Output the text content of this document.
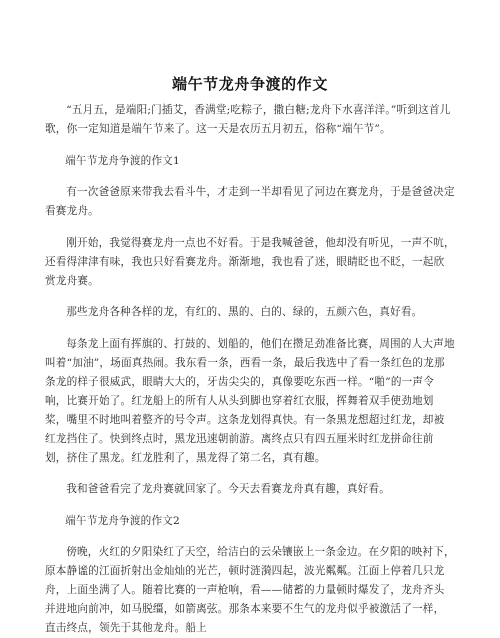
端午节龙舟争渡的作文

“五月五，是端阳;门插艾，香满堂;吃粽子，撒白糖;龙舟下水喜洋洋。”听到这首儿歌，你一定知道是端午节来了。这一天是农历五月初五，俗称“端午节”。

端午节龙舟争渡的作文1

有一次爸爸原来带我去看斗牛，才走到一半却看见了河边在赛龙舟，于是爸爸决定看赛龙舟。

刚开始，我觉得赛龙舟一点也不好看。于是我喊爸爸，他却没有听见，一声不吭，还看得津津有味，我也只好看赛龙舟。渐渐地，我也看了迷，眼睛眨也不眨，一起欣赏龙舟赛。

那些龙舟各种各样的龙，有红的、黑的、白的、绿的，五颜六色，真好看。

每条龙上面有挥旗的、打鼓的、划船的，他们在攒足劲准备比赛，周围的人大声地叫着“加油”，场面真热闹。我东看一条，西看一条，最后我选中了看一条红色的龙那条龙的样子很威武，眼睛大大的，牙齿尖尖的，真像要吃东西一样。“啪”的一声令响，比赛开始了。红龙船上的所有人从头到脚也穿着红衣服，挥舞着双手使劲地划桨，嘴里不时地叫着整齐的号令声。这条龙划得真快。有一条黑龙想超过红龙，却被红龙挡住了。快到终点时，黑龙迅速朝前游。离终点只有四五厘米时红龙拼命往前划，挤住了黑龙。红龙胜利了，黑龙得了第二名，真有趣。

我和爸爸看完了龙舟赛就回家了。今天去看赛龙舟真有趣，真好看。

端午节龙舟争渡的作文2

傍晚，火红的夕阳染红了天空，给洁白的云朵镶嵌上一条金边。在夕阳的映衬下，原本静谧的江面折射出金灿灿的光芒，顿时涟漪四起，波光粼粼。江面上停着几只龙舟，上面坐满了人。随着比赛的一声枪响，看——储蓄的力量顿时爆发了，龙舟齐头并进地向前冲，如马脱缰，如箭离弦。那条本来要不生气的龙舟似乎被激活了一样，直击终点，领先于其他龙舟。船上
